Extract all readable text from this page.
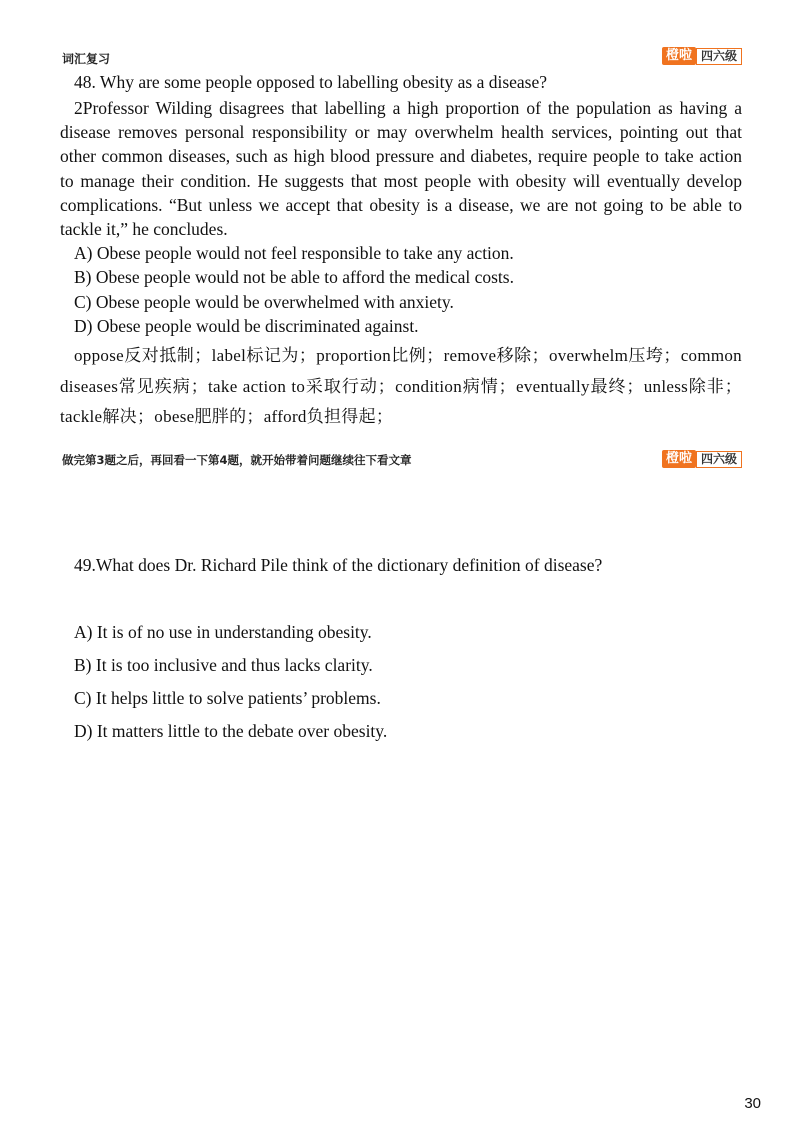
词汇复习	橙啦 四六级
48. Why are some people opposed to labelling obesity as a disease?
2Professor Wilding disagrees that labelling a high proportion of the population as having a disease removes personal responsibility or may overwhelm health services, pointing out that other common diseases, such as high blood pressure and diabetes, require people to take action to manage their condition. He suggests that most people with obesity will eventually develop complications. “But unless we accept that obesity is a disease, we are not going to be able to tackle it,” he concludes.
A) Obese people would not feel responsible to take any action.
B) Obese people would not be able to afford the medical costs.
C) Obese people would be overwhelmed with anxiety.
D) Obese people would be discriminated against.
oppose反对抵制；label标记为；proportion比例；remove移除；overwhelm压垮；common diseases常见疾病；take action to采取行动；condition病情；eventually最终；unless除非；tackle解决；obese肥胖的；afford负担得起；
做完第3题之后，再回看一下第4题，就开始带着问题继续往下看文章	橙啦 四六级
49.What does Dr. Richard Pile think of the dictionary definition of disease?
A) It is of no use in understanding obesity.
B) It is too inclusive and thus lacks clarity.
C) It helps little to solve patients’ problems.
D) It matters little to the debate over obesity.
30
